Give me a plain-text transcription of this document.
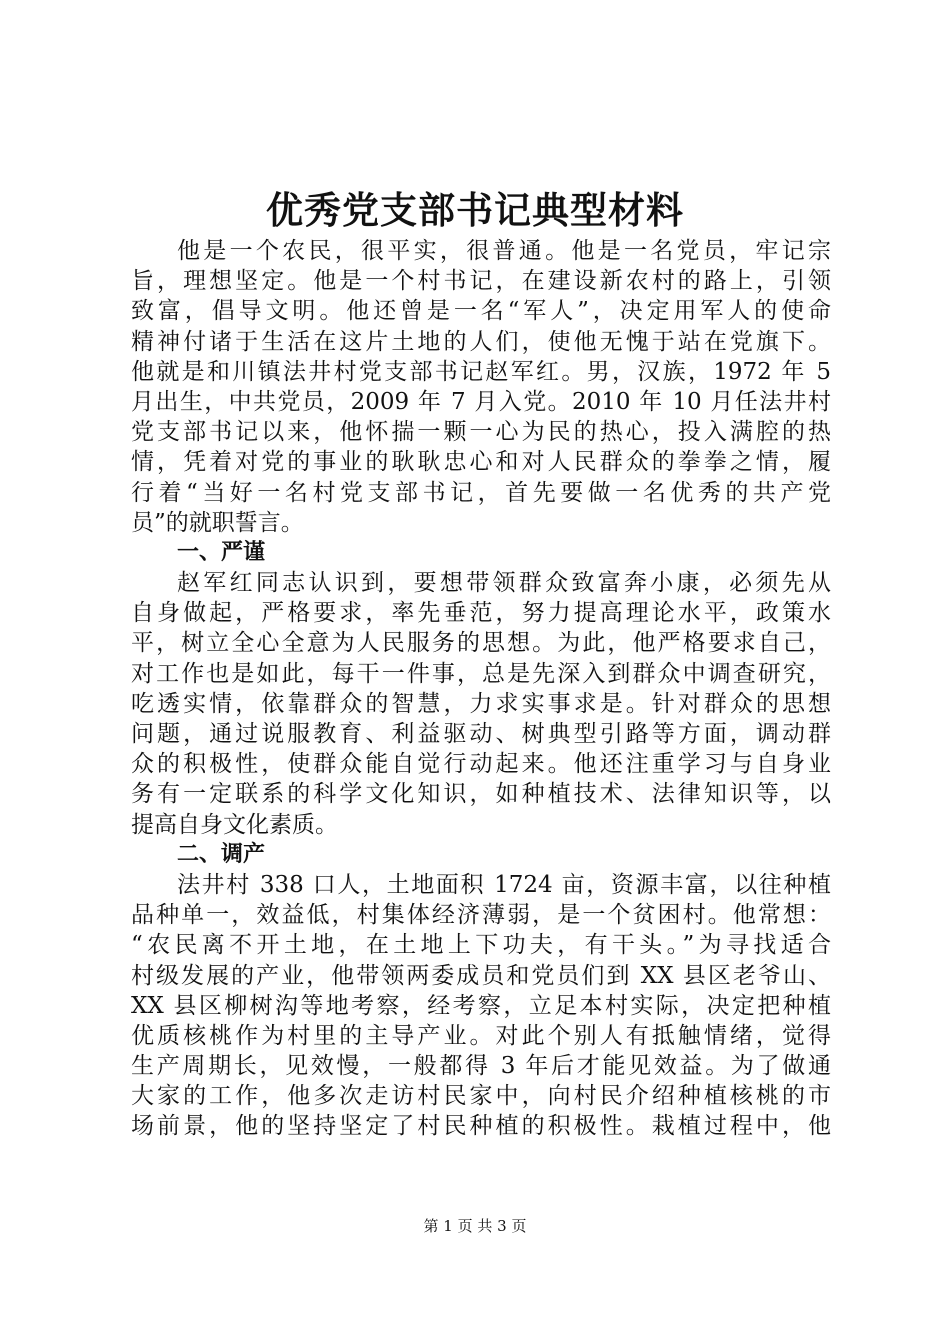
优秀党支部书记典型材料
他是一个农民，很平实，很普通。他是一名党员，牢记宗
旨，理想坚定。他是一个村书记，在建设新农村的路上，引领
致富，倡导文明。他还曾是一名“军人”，决定用军人的使命
精神付诸于生活在这片土地的人们，使他无愧于站在党旗下。
他就是和川镇法井村党支部书记赵军红。男，汉族，1972 年 5
月出生，中共党员，2009 年 7 月入党。2010 年 10 月任法井村
党支部书记以来，他怀揣一颗一心为民的热心，投入满腔的热
情，凭着对党的事业的耿耿忠心和对人民群众的拳拳之情，履
行着“当好一名村党支部书记，首先要做一名优秀的共产党
员”的就职誓言。
一、严谨
赵军红同志认识到，要想带领群众致富奔小康，必须先从
自身做起，严格要求，率先垂范，努力提高理论水平，政策水
平，树立全心全意为人民服务的思想。为此，他严格要求自己，
对工作也是如此，每干一件事，总是先深入到群众中调查研究，
吃透实情，依靠群众的智慧，力求实事求是。针对群众的思想
问题，通过说服教育、利益驱动、树典型引路等方面，调动群
众的积极性，使群众能自觉行动起来。他还注重学习与自身业
务有一定联系的科学文化知识，如种植技术、法律知识等，以
提高自身文化素质。
二、调产
法井村 338 口人，土地面积 1724 亩，资源丰富，以往种植
品种单一，效益低，村集体经济薄弱，是一个贫困村。他常想：
“农民离不开土地，在土地上下功夫，有干头。”为寻找适合
村级发展的产业，他带领两委成员和党员们到 XX 县区老爷山、
XX 县区柳树沟等地考察，经考察，立足本村实际，决定把种植
优质核桃作为村里的主导产业。对此个别人有抵触情绪，觉得
生产周期长，见效慢，一般都得 3 年后才能见效益。为了做通
大家的工作，他多次走访村民家中，向村民介绍种植核桃的市
场前景，他的坚持坚定了村民种植的积极性。栽植过程中，他
第 1 页 共 3 页
